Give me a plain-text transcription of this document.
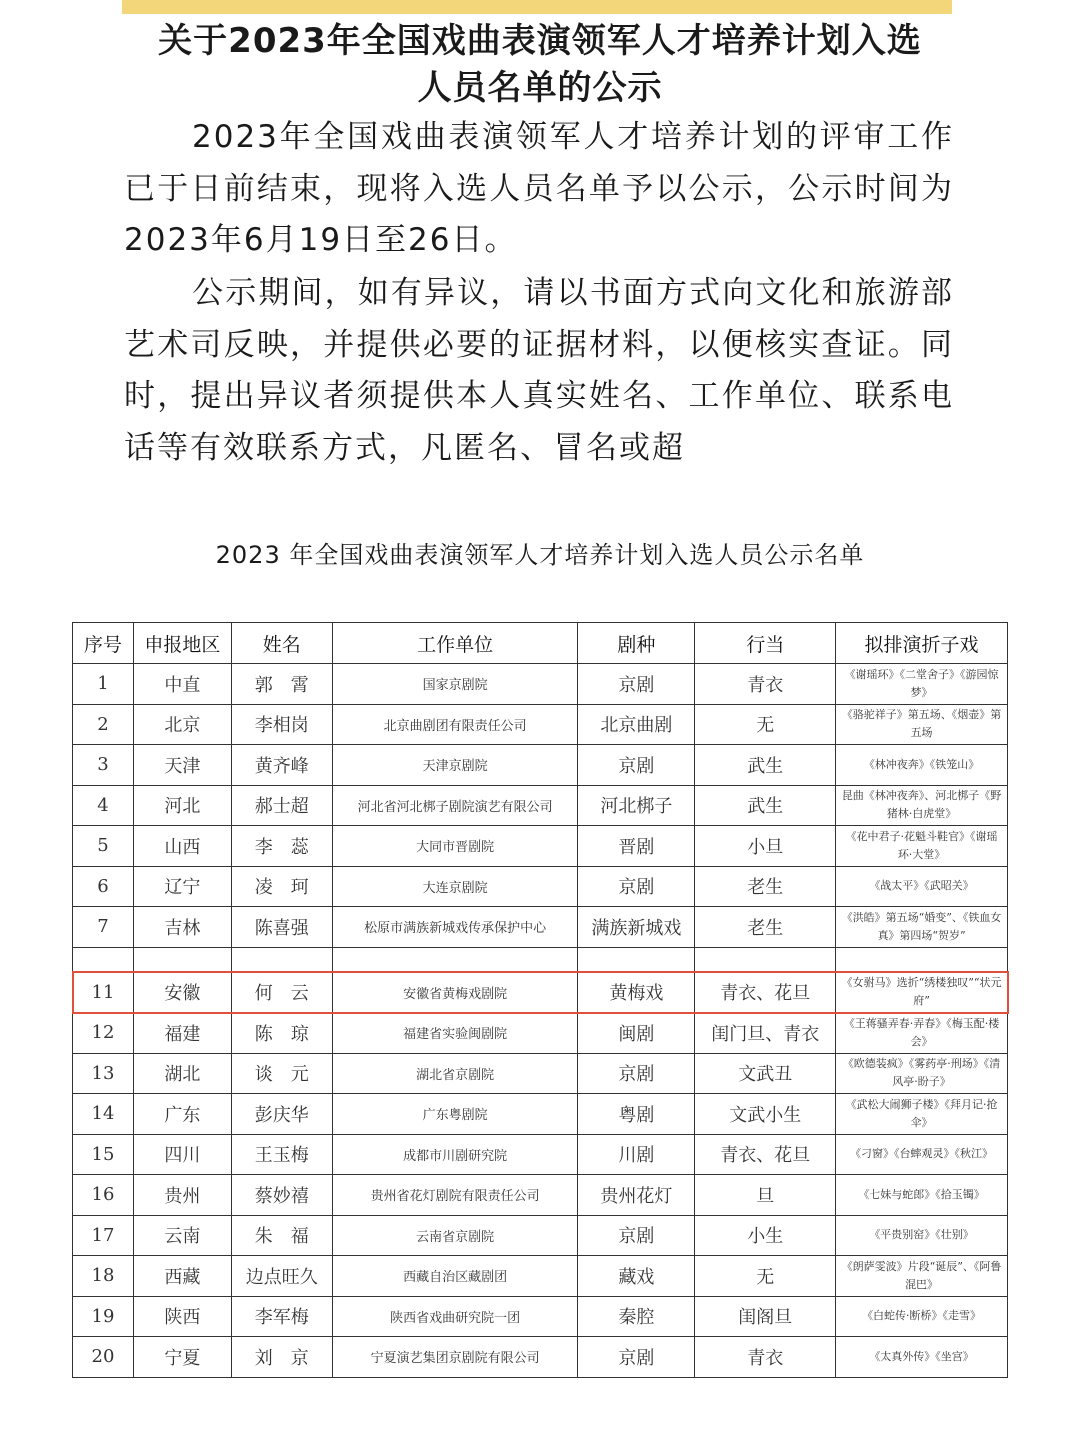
关于2023年全国戏曲表演领军人才培养计划入选
人员名单的公示
2023年全国戏曲表演领军人才培养计划的评审工作已于日前结束，现将入选人员名单予以公示，公示时间为2023年6月19日至26日。
公示期间，如有异议，请以书面方式向文化和旅游部艺术司反映，并提供必要的证据材料，以便核实查证。同时，提出异议者须提供本人真实姓名、工作单位、联系电话等有效联系方式，凡匿名、冒名或超
2023 年全国戏曲表演领军人才培养计划入选人员公示名单
序号	申报地区	姓名	工作单位	剧种	行当	拟排演折子戏
1	中直	郭　霄	国家京剧院	京剧	青衣	《谢瑶环》《二堂舍子》《游园惊梦》
2	北京	李相岗	北京曲剧团有限责任公司	北京曲剧	无	《骆驼祥子》第五场、《烟壶》第五场
3	天津	黄齐峰	天津京剧院	京剧	武生	《林冲夜奔》《铁笼山》
4	河北	郝士超	河北省河北梆子剧院演艺有限公司	河北梆子	武生	昆曲《林冲夜奔》、河北梆子《野猪林·白虎堂》
5	山西	李　蕊	大同市晋剧院	晋剧	小旦	《花中君子·花魁斗鞋官》《谢瑶环·大堂》
6	辽宁	凌　珂	大连京剧院	京剧	老生	《战太平》《武昭关》
7	吉林	陈喜强	松原市满族新城戏传承保护中心	满族新城戏	老生	《洪皓》第五场“婚变”、《铁血女真》第四场“贺岁”

11	安徽	何　云	安徽省黄梅戏剧院	黄梅戏	青衣、花旦	《女驸马》选折“绣楼独叹”“状元府”
12	福建	陈　琼	福建省实验闽剧院	闽剧	闺门旦、青衣	《王蒋骚弄春·弄春》《梅玉配·楼会》
13	湖北	谈　元	湖北省京剧院	京剧	文武丑	《欧德装疯》《雾药亭·刑场》《清风亭·盼子》
14	广东	彭庆华	广东粤剧院	粤剧	文武小生	《武松大闹狮子楼》《拜月记·抢伞》
15	四川	王玉梅	成都市川剧研究院	川剧	青衣、花旦	《刁窗》《台蟀观灵》《秋江》
16	贵州	蔡妙禧	贵州省花灯剧院有限责任公司	贵州花灯	旦	《七妹与蛇郎》《拾玉镯》
17	云南	朱　福	云南省京剧院	京剧	小生	《平贵别窑》《壮别》
18	西藏	边点旺久	西藏自治区藏剧团	藏戏	无	《朗萨雯波》片段“诞辰”、《阿鲁混巴》
19	陕西	李军梅	陕西省戏曲研究院一团	秦腔	闺阁旦	《白蛇传·断桥》《走雪》
20	宁夏	刘　京	宁夏演艺集团京剧院有限公司	京剧	青衣	《太真外传》《坐宫》
